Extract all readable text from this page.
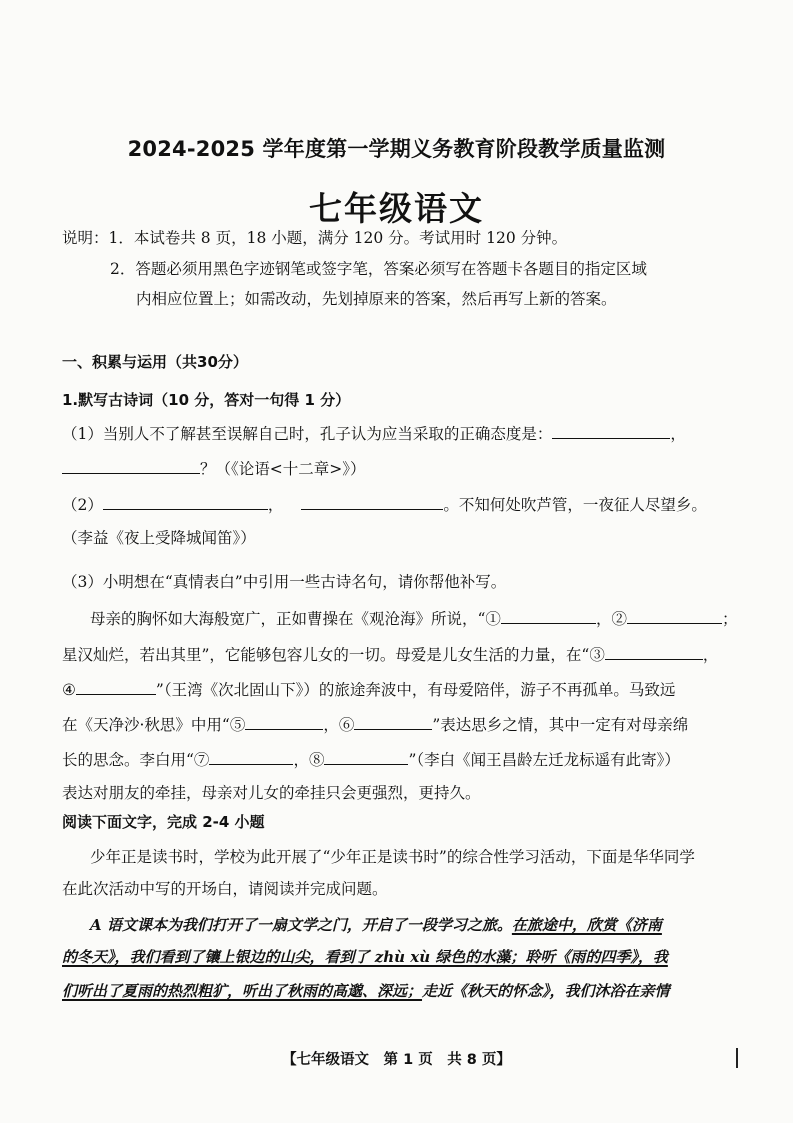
2024-2025 学年度第一学期义务教育阶段教学质量监测
七年级语文
说明：1．本试卷共 8 页，18 小题，满分 120 分。考试用时 120 分钟。
2．答题必须用黑色字迹钢笔或签字笔，答案必须写在答题卡各题目的指定区域
内相应位置上；如需改动，先划掉原来的答案，然后再写上新的答案。
一、积累与运用（共30分）
1.默写古诗词（10 分，答对一句得 1 分）
（1）当别人不了解甚至误解自己时，孔子认为应当采取的正确态度是：	，
？（《论语<十二章>》）
（2）	，	。不知何处吹芦管，一夜征人尽望乡。
（李益《夜上受降城闻笛》）
（3）小明想在“真情表白”中引用一些古诗名句，请你帮他补写。
母亲的胸怀如大海般宽广，正如曹操在《观沧海》所说，“①	，②	；
星汉灿烂，若出其里”，它能够包容儿女的一切。母爱是儿女生活的力量，在“③	，
④	”（王湾《次北固山下》）的旅途奔波中，有母爱陪伴，游子不再孤单。马致远
在《天净沙·秋思》中用“⑤	，⑥	”表达思乡之情，其中一定有对母亲绵
长的思念。李白用“⑦	，⑧	”（李白《闻王昌龄左迁龙标遥有此寄》）
表达对朋友的牵挂，母亲对儿女的牵挂只会更强烈，更持久。
阅读下面文字，完成 2-4 小题
少年正是读书时，学校为此开展了“少年正是读书时”的综合性学习活动，下面是华华同学
在此次活动中写的开场白，请阅读并完成问题。
A 语文课本为我们打开了一扇文学之门，开启了一段学习之旅。在旅途中，欣赏《济南
的冬天》，我们看到了镶上银边的山尖，看到了 zhù xù 绿色的水藻；聆听《雨的四季》，我
们听出了夏雨的热烈粗犷，听出了秋雨的高邈、深远；走近《秋天的怀念》，我们沐浴在亲情
【七年级语文　第 1 页　共 8 页】
